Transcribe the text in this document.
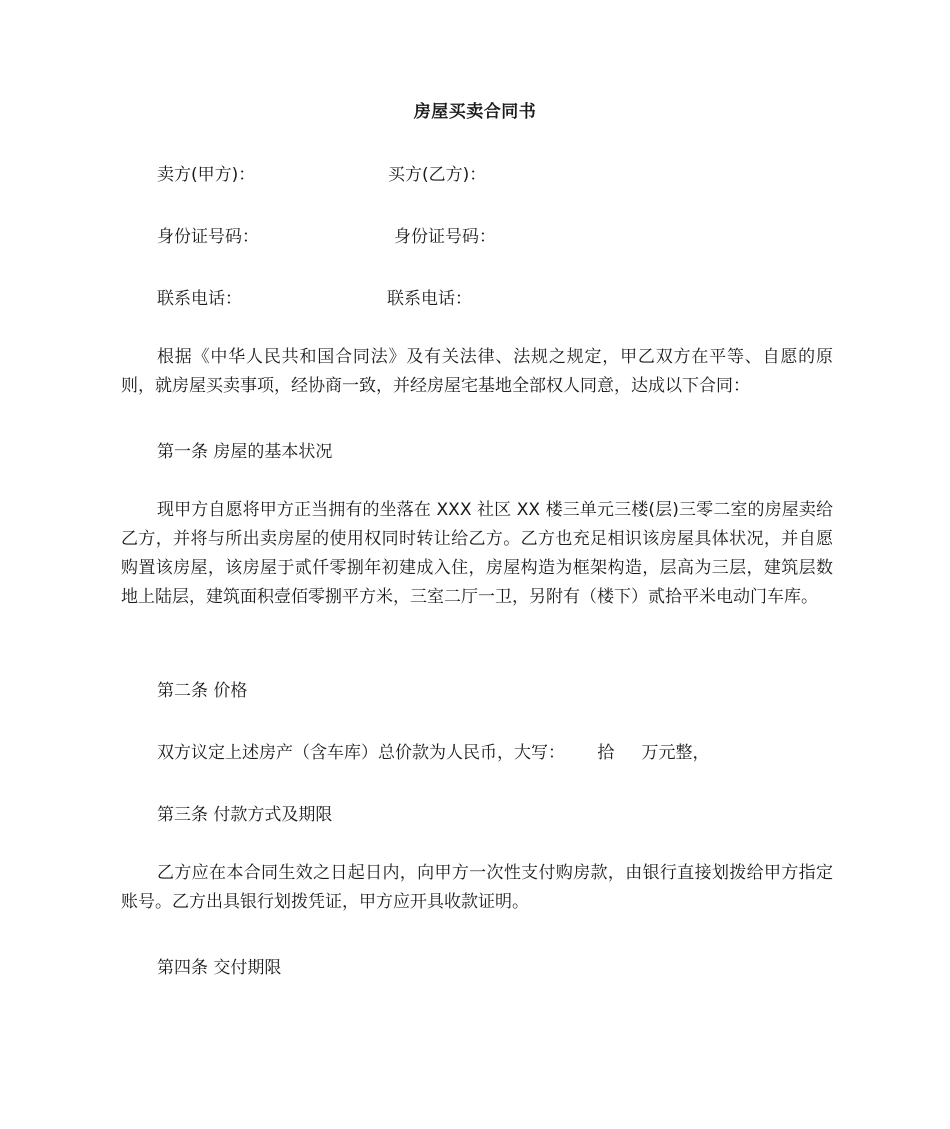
房屋买卖合同书
卖方(甲方)：	买方(乙方)：
身份证号码：	身份证号码：
联系电话：	联系电话：
根据《中华人民共和国合同法》及有关法律、法规之规定，甲乙双方在平等、自愿的原则，就房屋买卖事项，经协商一致，并经房屋宅基地全部权人同意，达成以下合同：
第一条 房屋的基本状况
现甲方自愿将甲方正当拥有的坐落在 XXX 社区 XX 楼三单元三楼(层)三零二室的房屋卖给乙方，并将与所出卖房屋的使用权同时转让给乙方。乙方也充足相识该房屋具体状况，并自愿购置该房屋，该房屋于贰仟零捌年初建成入住，房屋构造为框架构造，层高为三层，建筑层数地上陆层，建筑面积壹佰零捌平方米，三室二厅一卫，另附有（楼下）贰拾平米电动门车库。
第二条 价格
双方议定上述房产（含车库）总价款为人民币，大写：      拾     万元整，
第三条 付款方式及期限
乙方应在本合同生效之日起日内，向甲方一次性支付购房款，由银行直接划拨给甲方指定账号。乙方出具银行划拨凭证，甲方应开具收款证明。
第四条 交付期限
